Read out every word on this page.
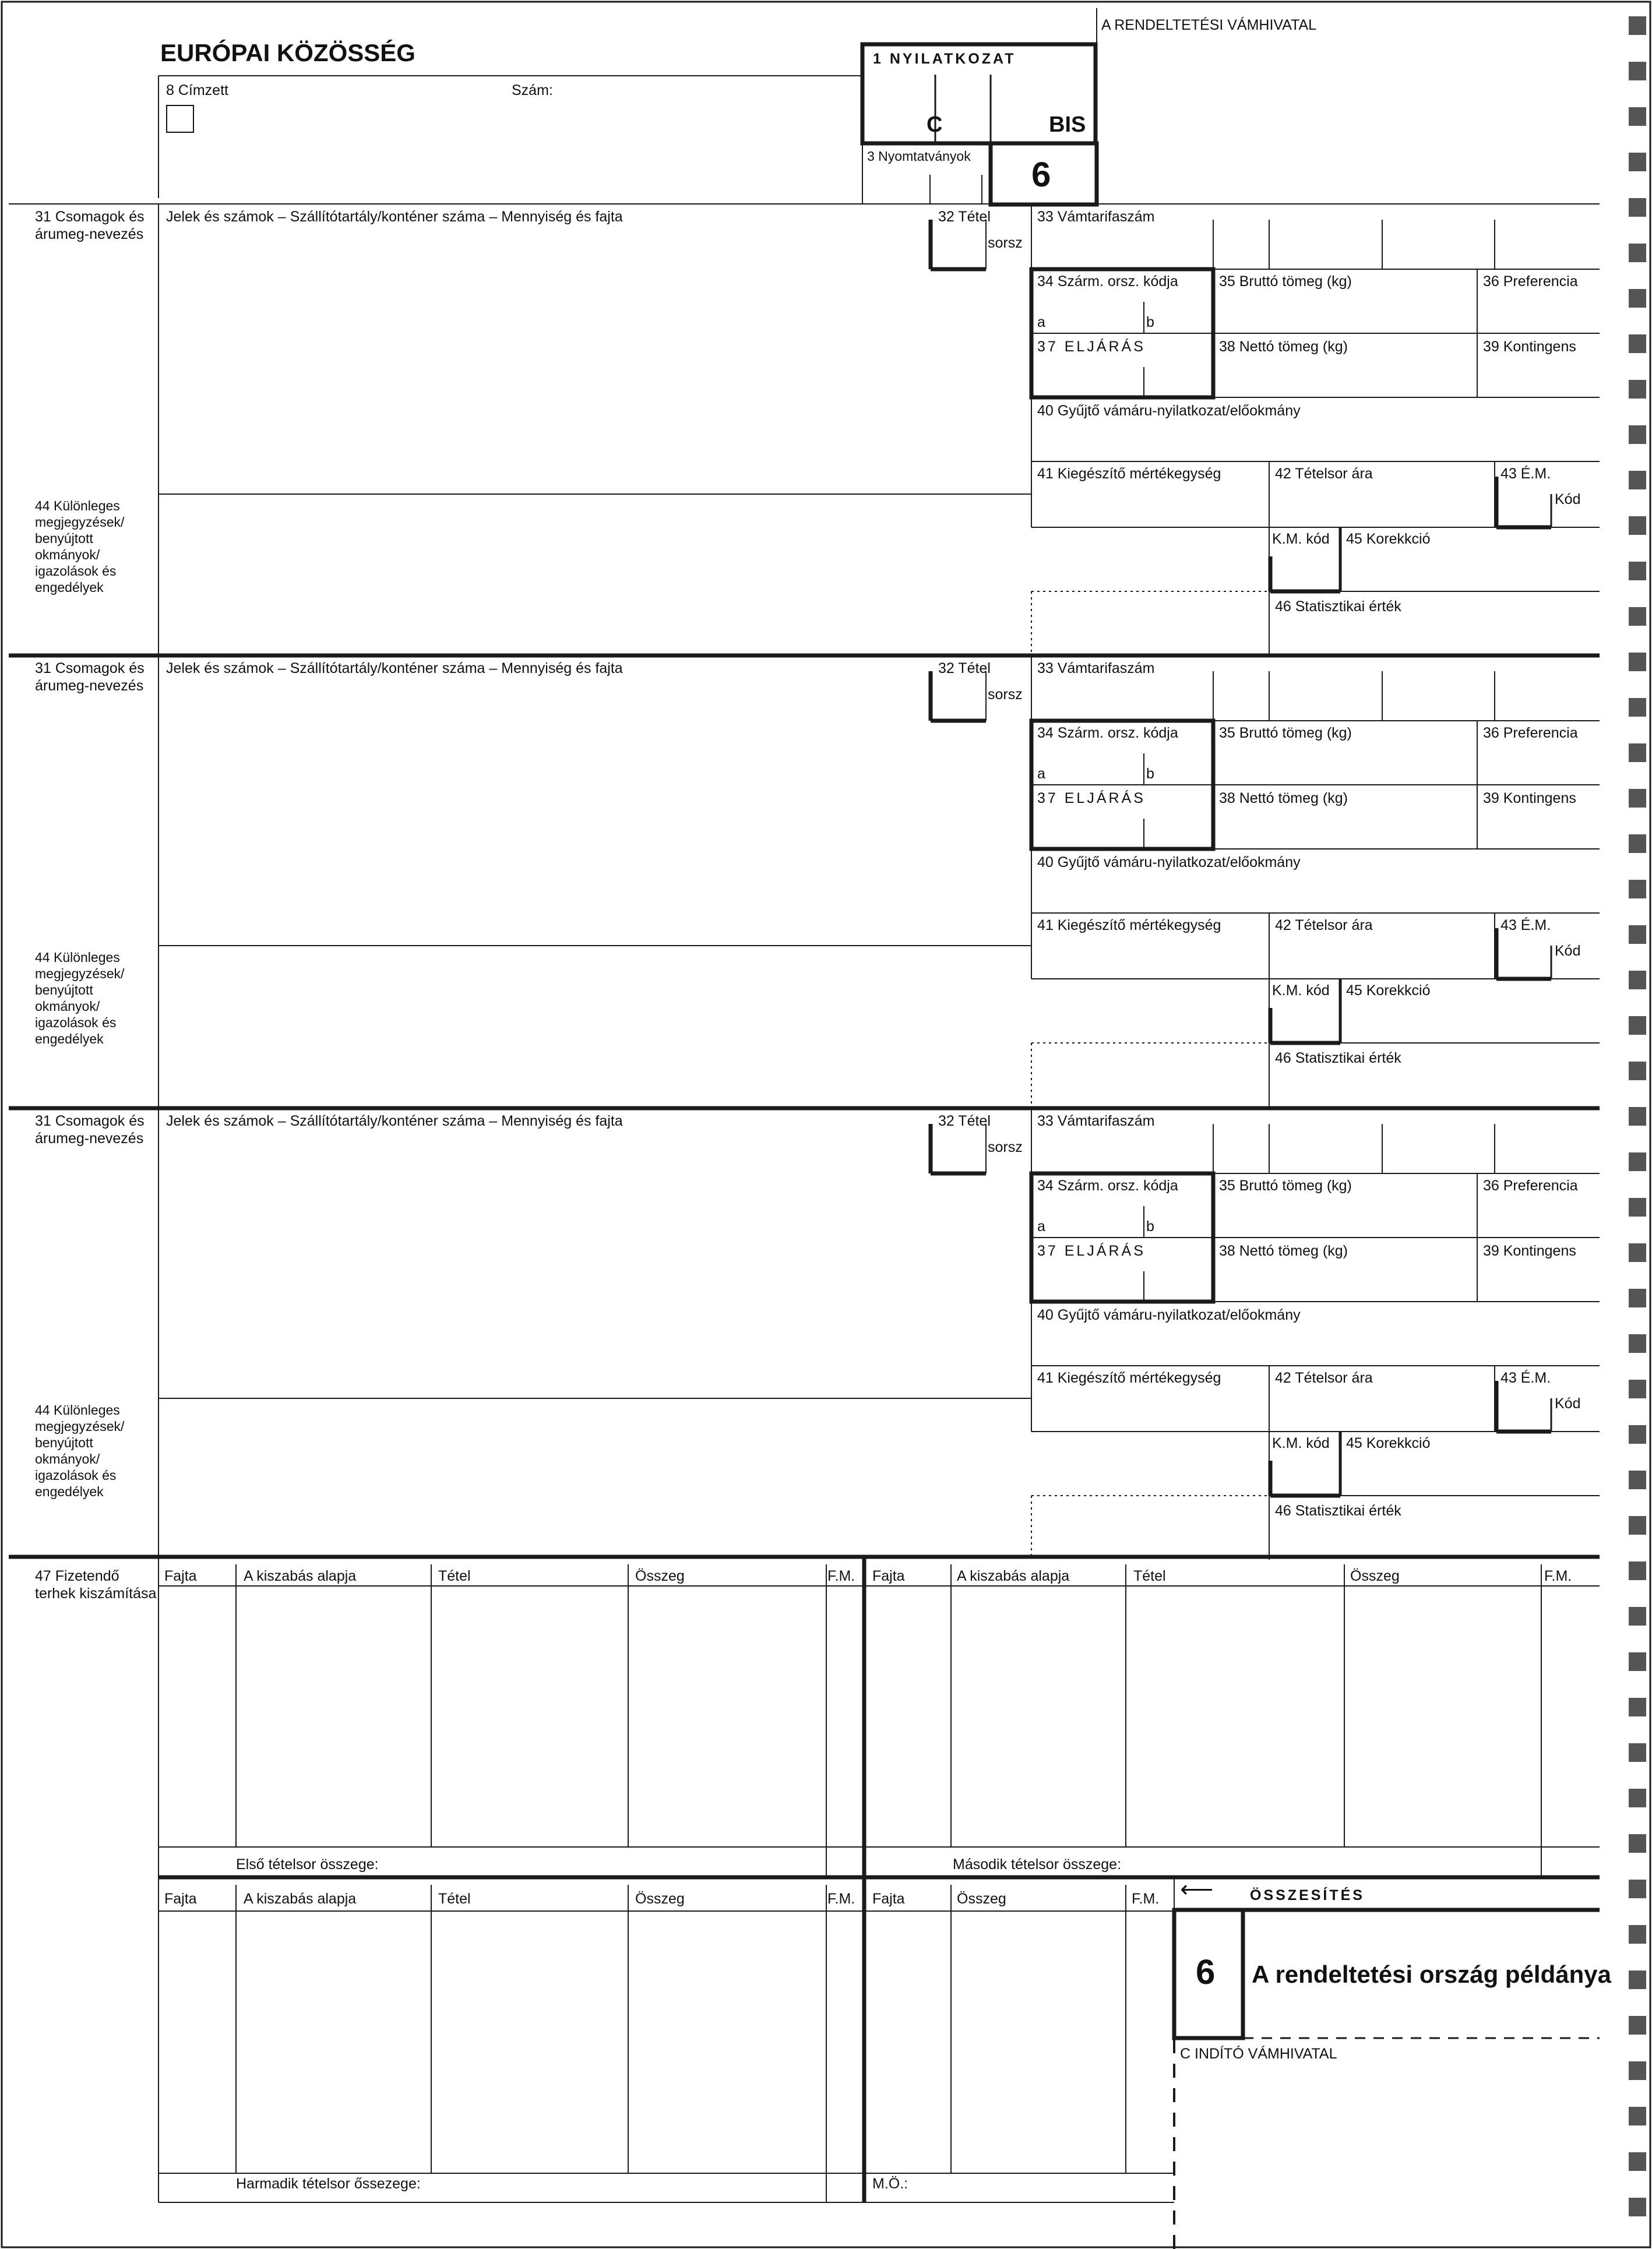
EURÓPAI KÖZÖSSÉG
A RENDELTETÉSI VÁMHIVATAL
8 Címzett	Szám:
1 NYILATKOZAT
C	BIS
3 Nyomtatványok 6
31 Csomagok és árumeg-nevezés
Jelek és számok – Szállítótartály/konténer száma – Mennyiség és fajta	32 Tétel
sorsz
33 Vámtarifaszám
34 Szárm. orsz. kódja	35 Bruttó tömeg (kg)	36 Preferencia
a	b
37 ELJÁRÁS	38 Nettó tömeg (kg)	39 Kontingens
40 Gyűjtő vámáru-nyilatkozat/előokmány
41 Kiegészítő mértékegység	42 Tételsor ára	43 É.M.
Kód
K.M. kód 45 Korekkció
46 Statisztikai érték
44 Különleges megjegyzések/ benyújtott okmányok/ igazolások és engedélyek
31 Csomagok és árumeg-nevezés
Jelek és számok – Szállítótartály/konténer száma – Mennyiség és fajta	32 Tétel
sorsz
33 Vámtarifaszám
34 Szárm. orsz. kódja	35 Bruttó tömeg (kg)	36 Preferencia
a	b
37 ELJÁRÁS	38 Nettó tömeg (kg)	39 Kontingens
40 Gyűjtő vámáru-nyilatkozat/előokmány
41 Kiegészítő mértékegység	42 Tételsor ára	43 É.M.
Kód
K.M. kód 45 Korekkció
46 Statisztikai érték
44 Különleges megjegyzések/ benyújtott okmányok/ igazolások és engedélyek
31 Csomagok és árumeg-nevezés
Jelek és számok – Szállítótartály/konténer száma – Mennyiség és fajta	32 Tétel
sorsz
33 Vámtarifaszám
34 Szárm. orsz. kódja	35 Bruttó tömeg (kg)	36 Preferencia
a	b
37 ELJÁRÁS	38 Nettó tömeg (kg)	39 Kontingens
40 Gyűjtő vámáru-nyilatkozat/előokmány
41 Kiegészítő mértékegység	42 Tételsor ára	43 É.M.
Kód
K.M. kód 45 Korekkció
46 Statisztikai érték
44 Különleges megjegyzések/ benyújtott okmányok/ igazolások és engedélyek
47 Fizetendő terhek kiszámítása
Fajta	A kiszabás alapja	Tétel	Összeg	F.M. Fajta	A kiszabás alapja	Tétel	Összeg	F.M.
Első tételsor összege:	Második tételsor összege:
Fajta	A kiszabás alapja	Tétel	Összeg	F.M. Fajta	Összeg	F.M. ⟵	ÖSSZESÍTÉS
6 A rendeltetési ország példánya
C INDÍTÓ VÁMHIVATAL
Harmadik tételsor őssezege:	M.Ö.:
